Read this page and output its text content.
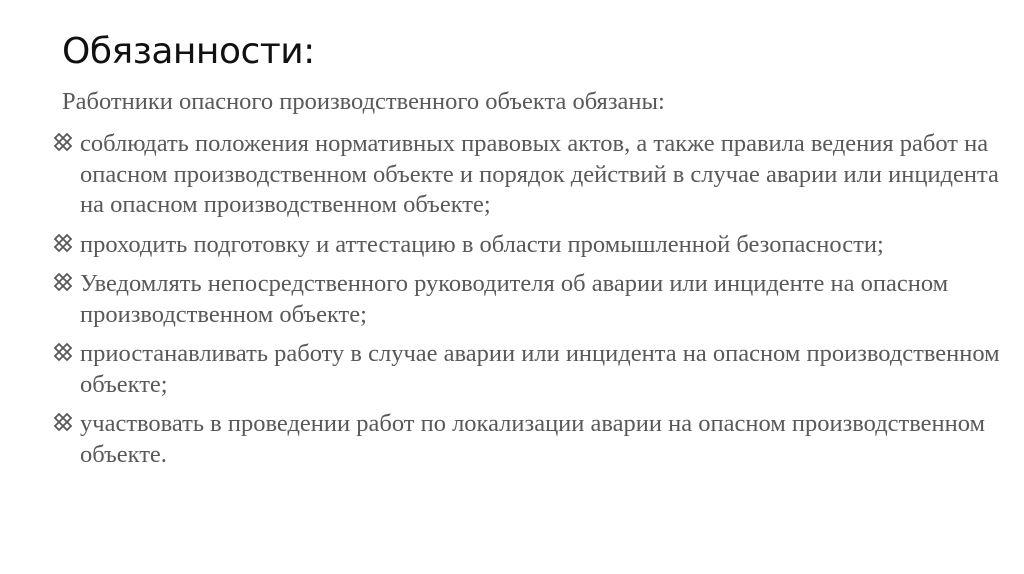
Обязанности:

Работники опасного производственного объекта обязаны:

соблюдать положения нормативных правовых актов, а также правила ведения работ на опасном производственном объекте и порядок действий в случае аварии или инцидента на опасном производственном объекте;
проходить подготовку и аттестацию в области промышленной безопасности;
Уведомлять непосредственного руководителя об аварии или инциденте на опасном производственном объекте;
приостанавливать работу в случае аварии или инцидента на опасном производственном объекте;
участвовать в проведении работ по локализации аварии на опасном производственном объекте.
